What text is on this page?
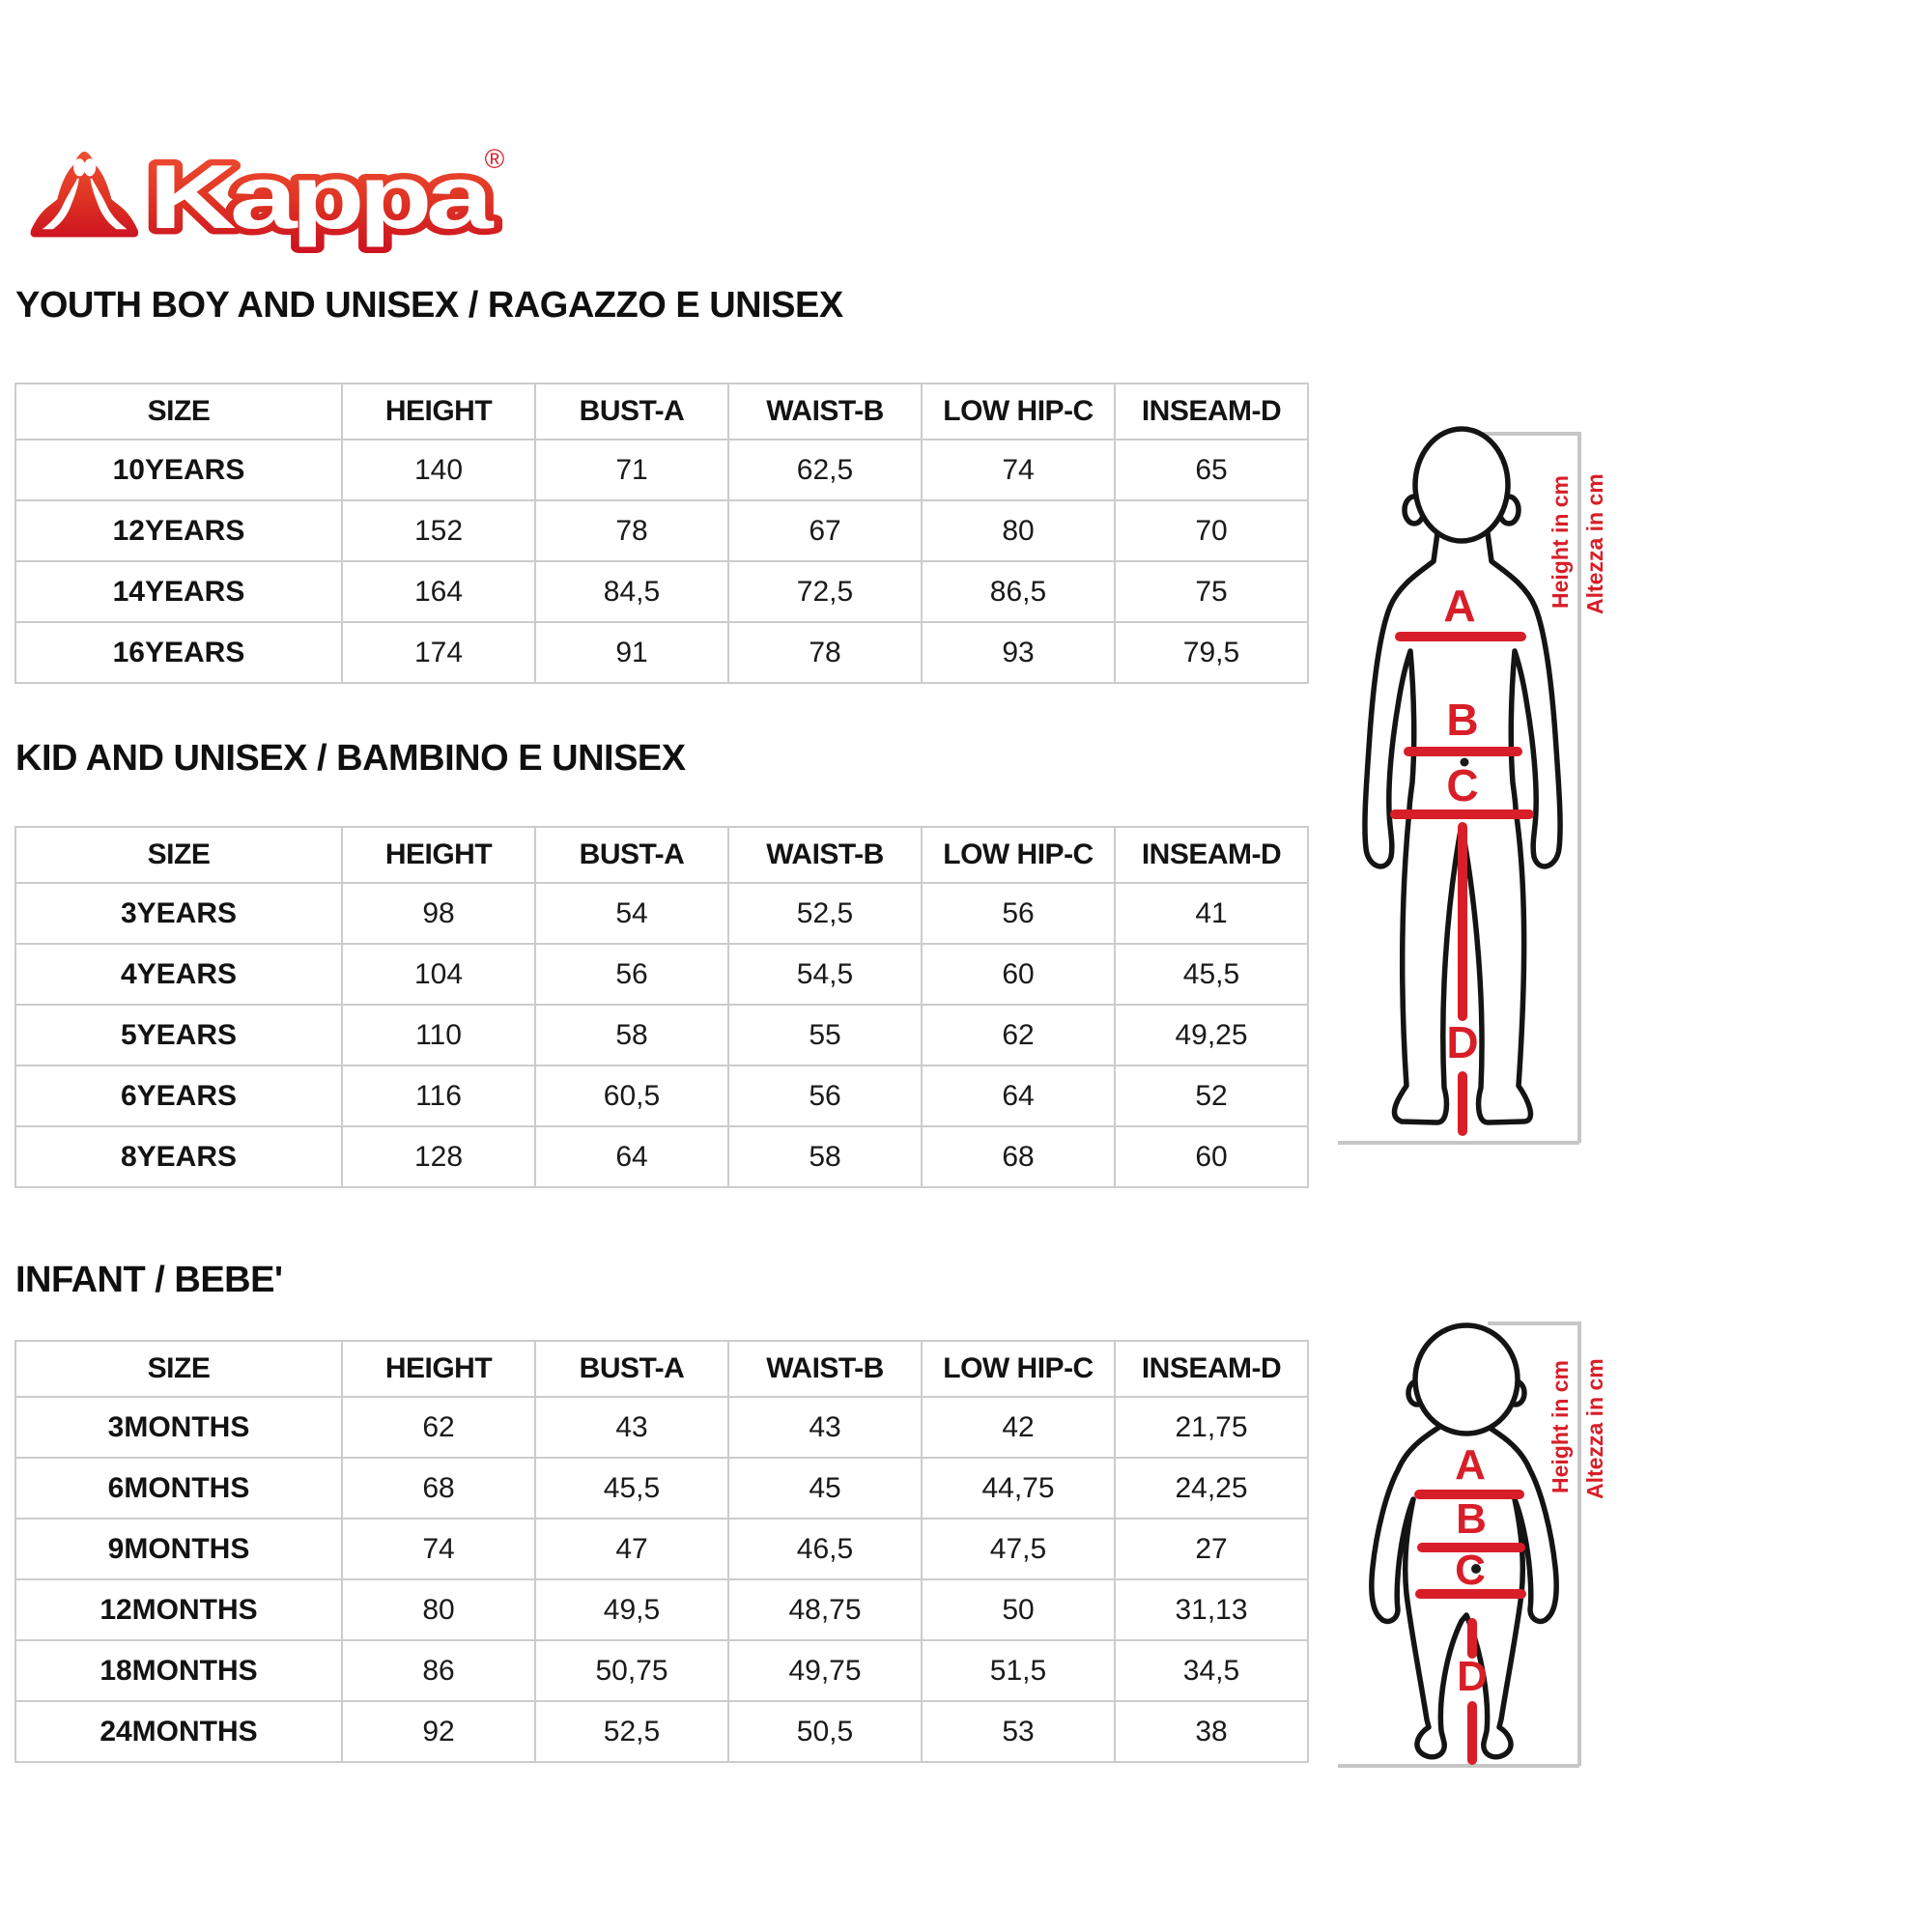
Kappa
®
YOUTH BOY AND UNISEX / RAGAZZO E UNISEX
KID AND UNISEX / BAMBINO E UNISEX
INFANT / BEBE'
SIZE	HEIGHT	BUST-A	WAIST-B	LOW HIP-C	INSEAM-D
10YEARS	140	71	62,5	74	65
12YEARS	152	78	67	80	70
14YEARS	164	84,5	72,5	86,5	75
16YEARS	174	91	78	93	79,5
SIZE	HEIGHT	BUST-A	WAIST-B	LOW HIP-C	INSEAM-D
3YEARS	98	54	52,5	56	41
4YEARS	104	56	54,5	60	45,5
5YEARS	110	58	55	62	49,25
6YEARS	116	60,5	56	64	52
8YEARS	128	64	58	68	60
SIZE	HEIGHT	BUST-A	WAIST-B	LOW HIP-C	INSEAM-D
3MONTHS	62	43	43	42	21,75
6MONTHS	68	45,5	45	44,75	24,25
9MONTHS	74	47	46,5	47,5	27
12MONTHS	80	49,5	48,75	50	31,13
18MONTHS	86	50,75	49,75	51,5	34,5
24MONTHS	92	52,5	50,5	53	38
A
B
C
D
Height in cm Altezza in cm
A
B
C
D
Height in cm Altezza in cm
